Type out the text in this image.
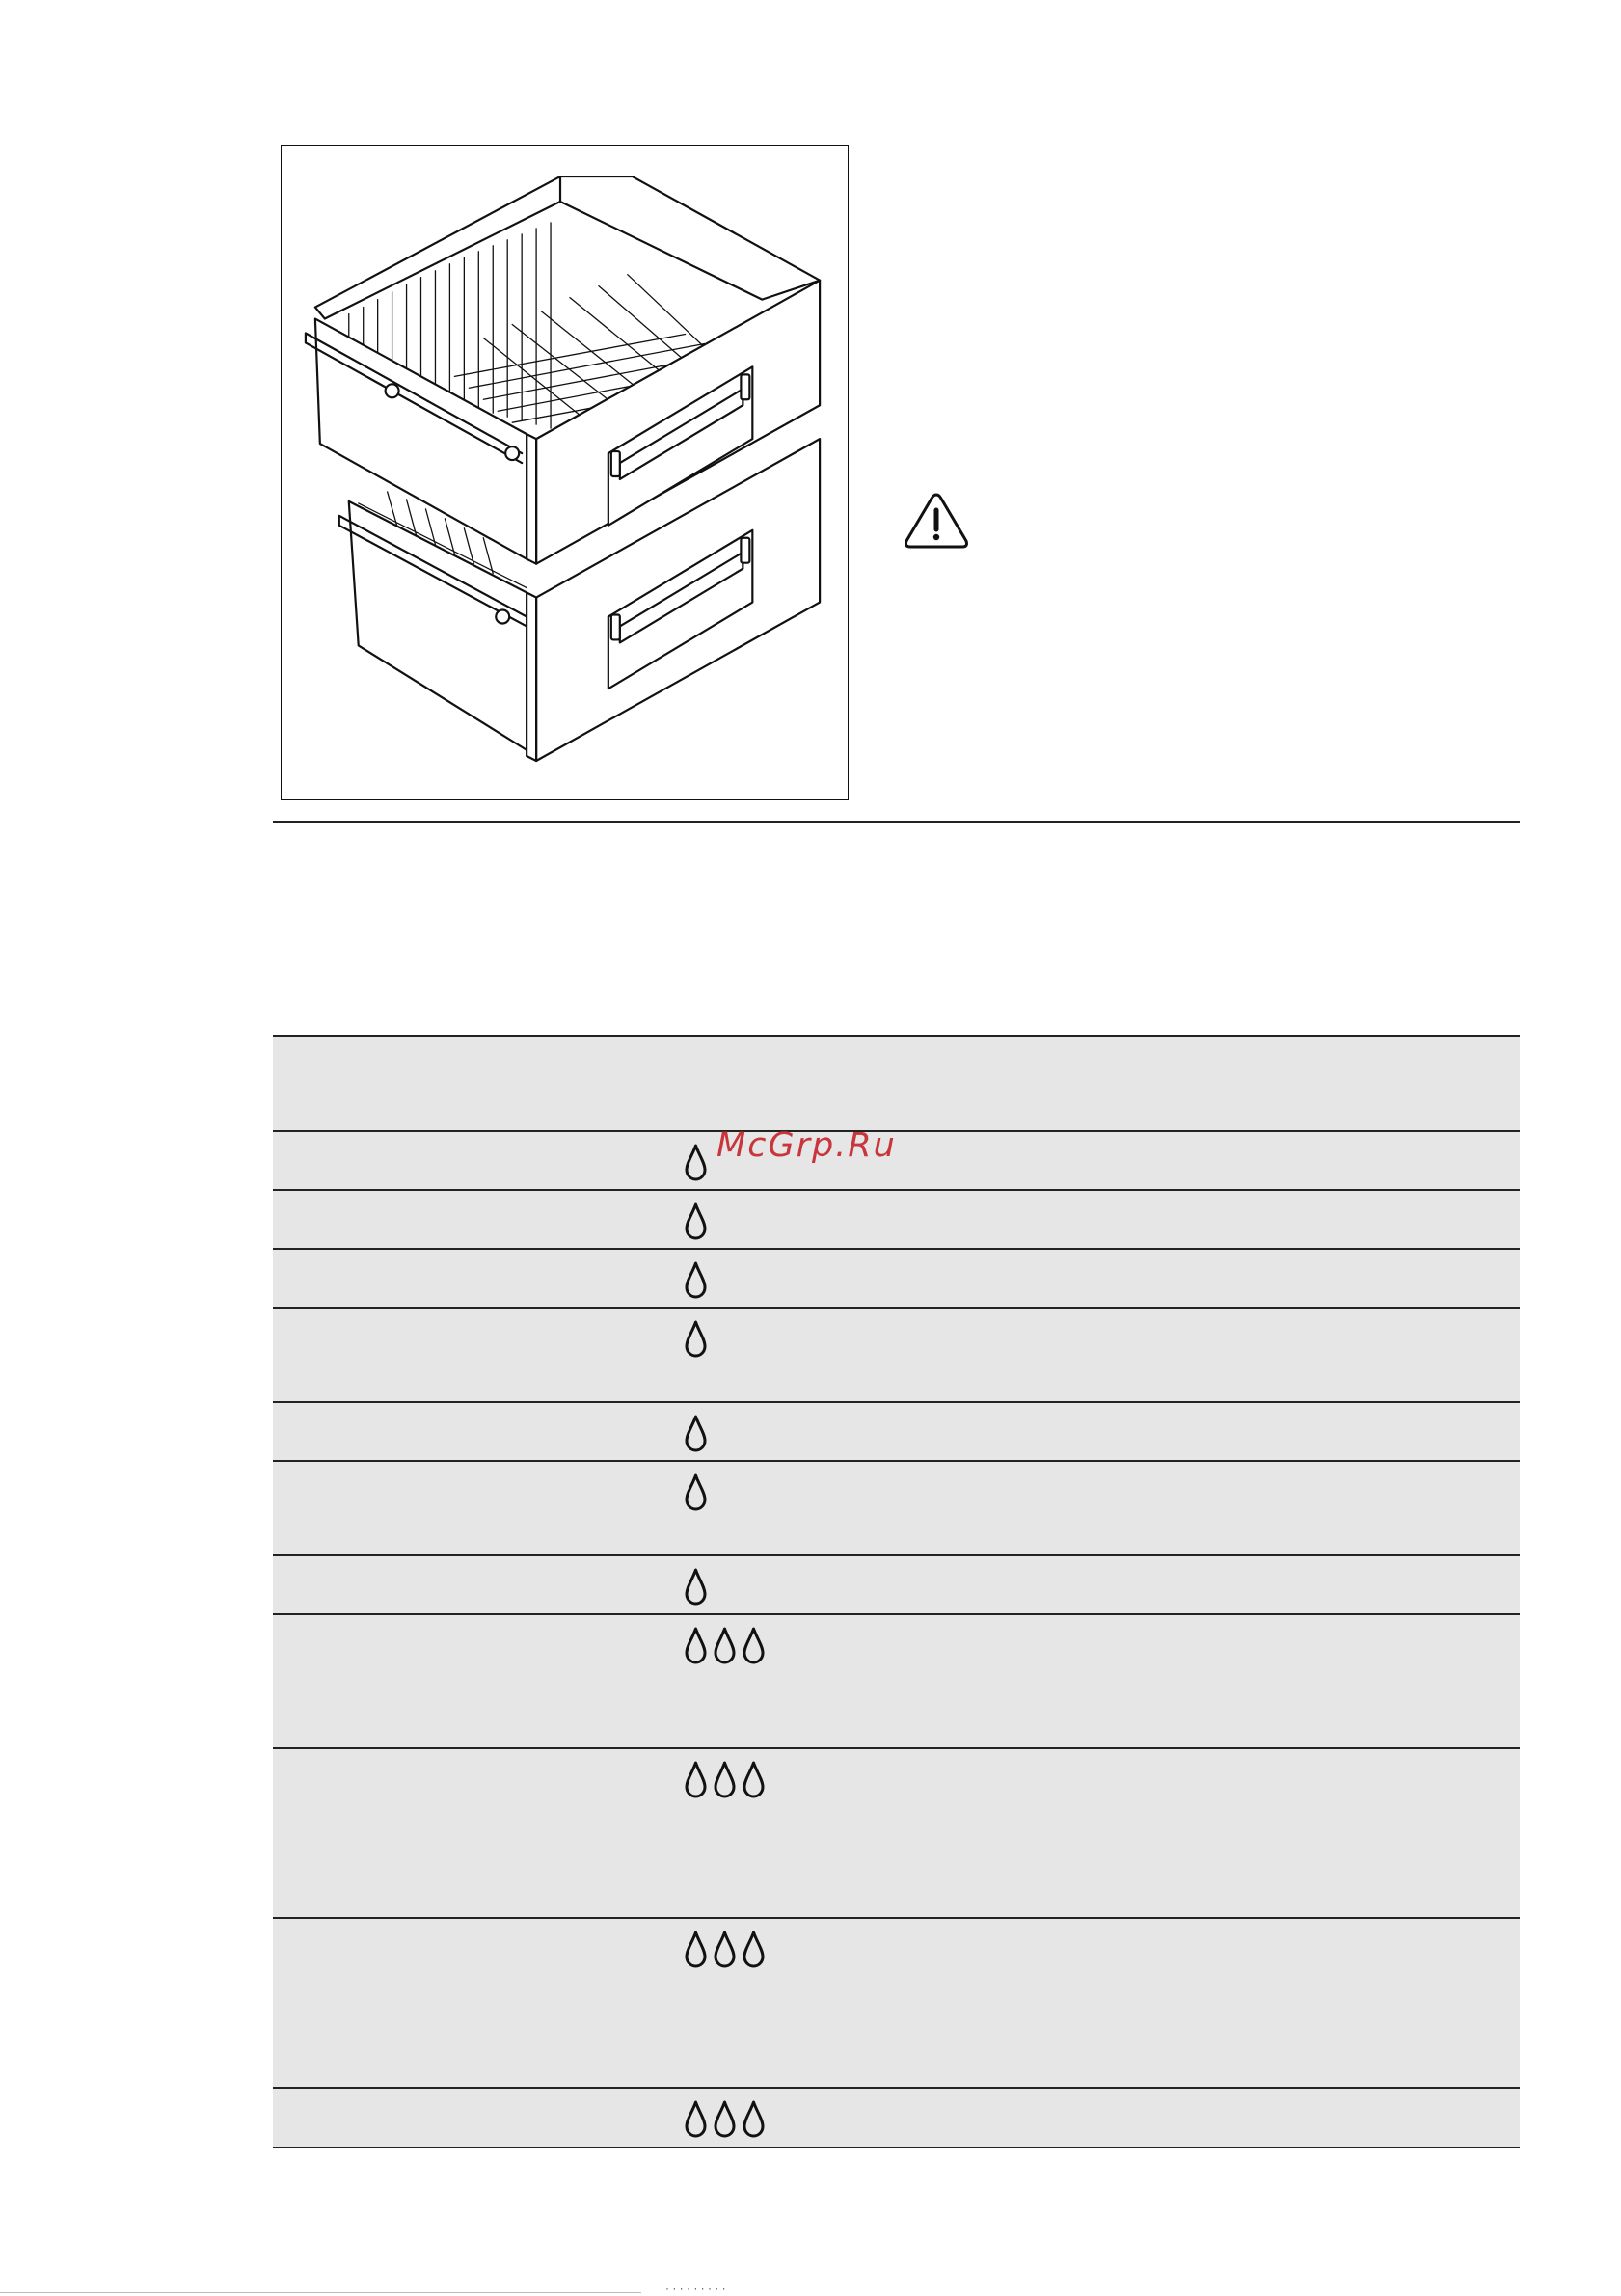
McGrp.Ru
· · · · · · · · ·
